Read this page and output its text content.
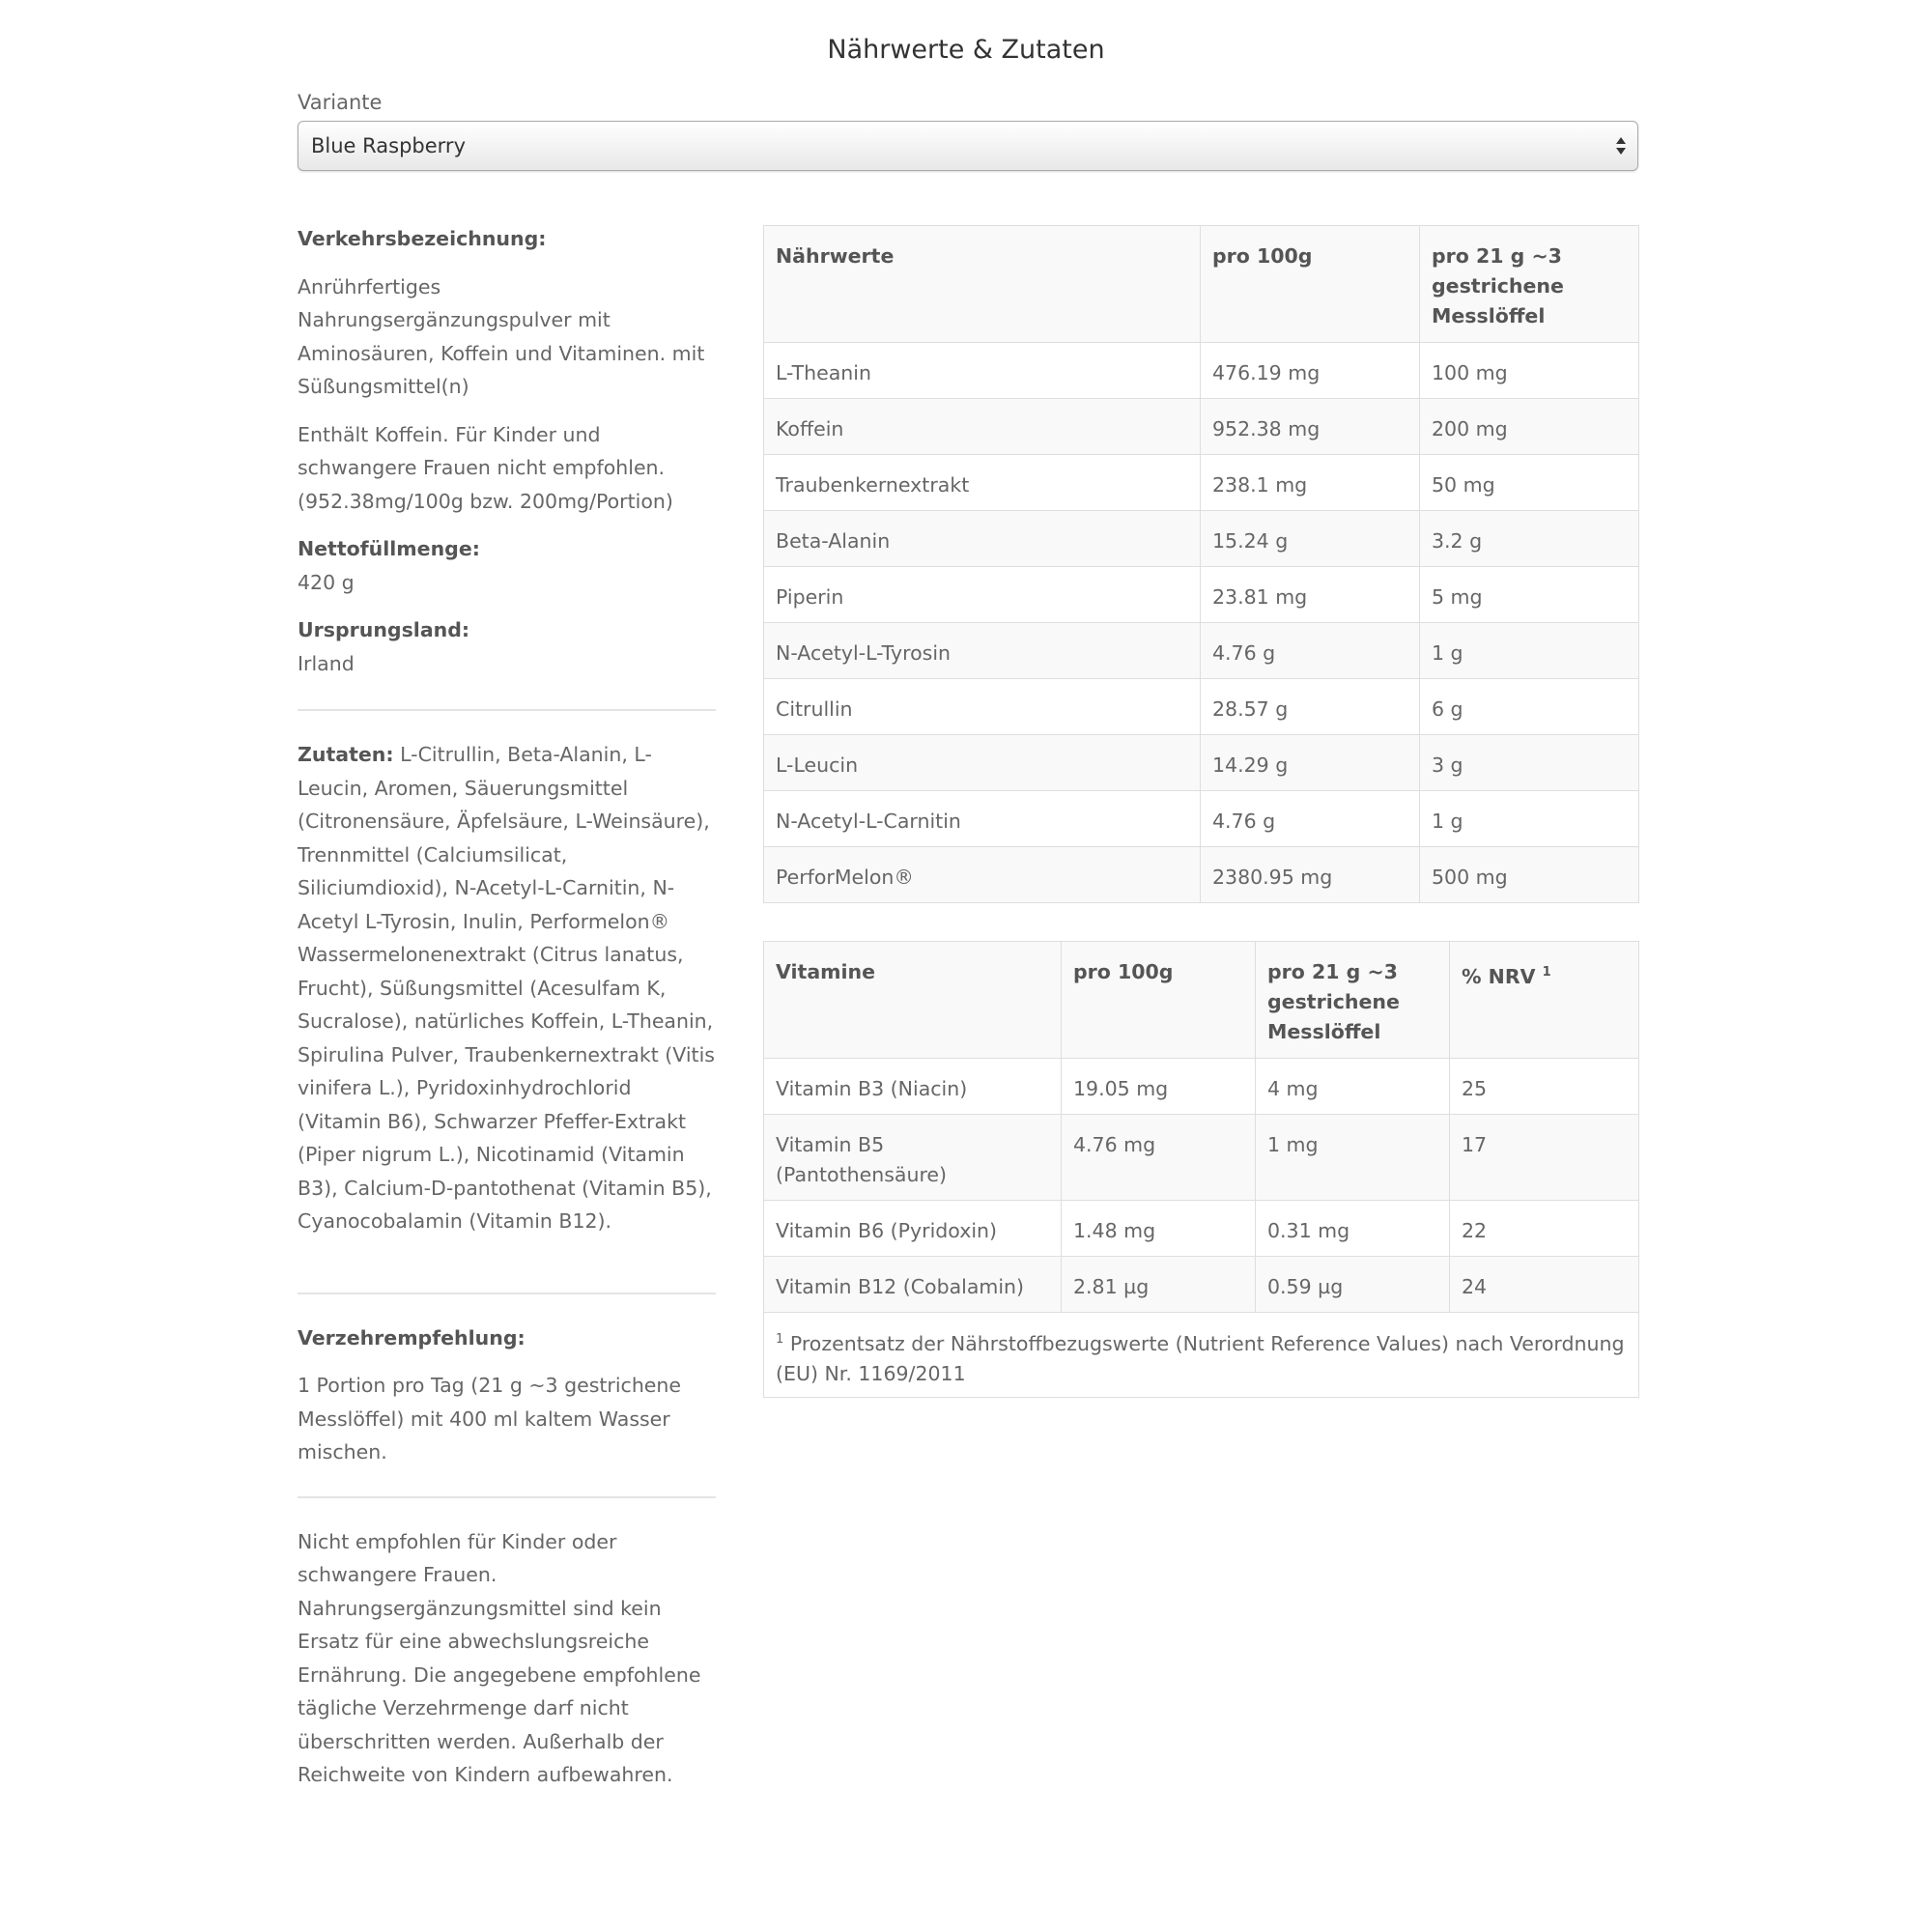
Nährwerte & Zutaten
Variante
Blue Raspberry

Verkehrsbezeichnung:

Anrührfertiges Nahrungsergänzungspulver mit Aminosäuren, Koffein und Vitaminen. mit Süßungsmittel(n)

Enthält Koffein. Für Kinder und schwangere Frauen nicht empfohlen. (952.38mg/100g bzw. 200mg/Portion)

Nettofüllmenge:

420 g

Ursprungsland:

Irland

Zutaten: L-Citrullin, Beta-Alanin, L-Leucin, Aromen, Säuerungsmittel (Citronensäure, Äpfelsäure, L-Weinsäure), Trennmittel (Calciumsilicat, Siliciumdioxid), N-Acetyl-L-Carnitin, N-Acetyl L-Tyrosin, Inulin, Performelon® Wassermelonenextrakt (Citrus lanatus, Frucht), Süßungsmittel (Acesulfam K, Sucralose), natürliches Koffein, L-Theanin, Spirulina Pulver, Traubenkernextrakt (Vitis vinifera L.), Pyridoxinhydrochlorid (Vitamin B6), Schwarzer Pfeffer-Extrakt (Piper nigrum L.), Nicotinamid (Vitamin B3), Calcium-D-pantothenat (Vitamin B5), Cyanocobalamin (Vitamin B12).

Verzehrempfehlung:

1 Portion pro Tag (21 g ~3 gestrichene Messlöffel) mit 400 ml kaltem Wasser mischen.

Nicht empfohlen für Kinder oder schwangere Frauen. Nahrungsergänzungsmittel sind kein Ersatz für eine abwechslungsreiche Ernährung. Die angegebene empfohlene tägliche Verzehrmenge darf nicht überschritten werden. Außerhalb der Reichweite von Kindern aufbewahren.

Nährwerte	pro 100g	pro 21 g ~3 gestrichene Messlöffel
L-Theanin	476.19 mg	100 mg
Koffein	952.38 mg	200 mg
Traubenkernextrakt	238.1 mg	50 mg
Beta-Alanin	15.24 g	3.2 g
Piperin	23.81 mg	5 mg
N-Acetyl-L-Tyrosin	4.76 g	1 g
Citrullin	28.57 g	6 g
L-Leucin	14.29 g	3 g
N-Acetyl-L-Carnitin	4.76 g	1 g
PerforMelon®	2380.95 mg	500 mg
Vitamine	pro 100g	pro 21 g ~3 gestrichene Messlöffel	% NRV $^1$
Vitamin B3 (Niacin)	19.05 mg	4 mg	25
Vitamin B5 (Pantothensäure)	4.76 mg	1 mg	17
Vitamin B6 (Pyridoxin)	1.48 mg	0.31 mg	22
Vitamin B12 (Cobalamin)	2.81 µg	0.59 µg	24
$^1$ Prozentsatz der Nährstoffbezugswerte (Nutrient Reference Values) nach Verordnung (EU) Nr. 1169/2011			
